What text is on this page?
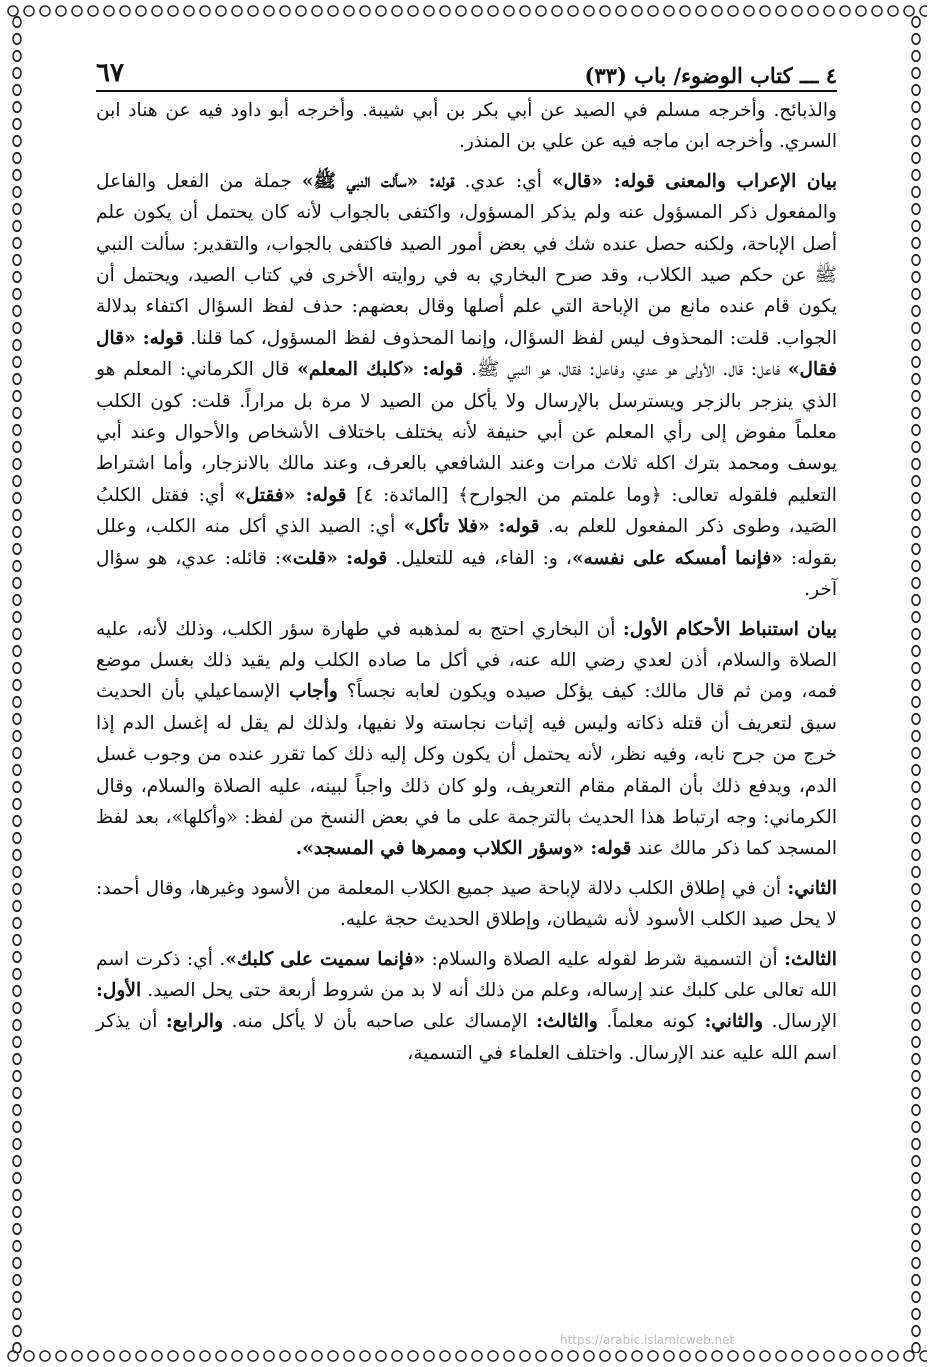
٤ ـــ كتاب الوضوء/ باب (٣٣)
٦٧

والذبائح. وأخرجه مسلم في الصيد عن أبي بكر بن أبي شيبة. وأخرجه أبو داود فيه عن هناد ابن السري. وأخرجه ابن ماجه فيه عن علي بن المنذر.

بيان الإعراب والمعنى قوله: «قال» أي: عدي. قوله: «سألت النبي ﷺ» جملة من الفعل والفاعل والمفعول ذكر المسؤول عنه ولم يذكر المسؤول، واكتفى بالجواب لأنه كان يحتمل أن يكون علم أصل الإباحة، ولكنه حصل عنده شك في بعض أمور الصيد فاكتفى بالجواب، والتقدير: سألت النبي ﷺ عن حكم صيد الكلاب، وقد صرح البخاري به في روايته الأخرى في كتاب الصيد، ويحتمل أن يكون قام عنده مانع من الإباحة التي علم أصلها وقال بعضهم: حذف لفظ السؤال اكتفاء بدلالة الجواب. قلت: المحذوف ليس لفظ السؤال، وإنما المحذوف لفظ المسؤول، كما قلنا. قوله: «قال فقال» فاعل: قال. الأولى هو عدي، وفاعل: فقال، هو النبي ﷺ. قوله: «كلبك المعلم» قال الكرماني: المعلم هو الذي ينزجر بالزجر ويسترسل بالإرسال ولا يأكل من الصيد لا مرة بل مراراً. قلت: كون الكلب معلماً مفوض إلى رأي المعلم عن أبي حنيفة لأنه يختلف باختلاف الأشخاص والأحوال وعند أبي يوسف ومحمد بترك اكله ثلاث مرات وعند الشافعي بالعرف، وعند مالك بالانزجار، وأما اشتراط التعليم فلقوله تعالى: ﴿وما علمتم من الجوارح﴾ [المائدة: ٤] قوله: «فقتل» أي: فقتل الكلبُ الصَيد، وطوى ذكر المفعول للعلم به. قوله: «فلا تأكل» أي: الصيد الذي أكل منه الكلب، وعلل بقوله: «فإنما أمسكه على نفسه»، و: الفاء، فيه للتعليل. قوله: «قلت»: قائله: عدي، هو سؤال آخر.

بيان استنباط الأحكام الأول: أن البخاري احتج به لمذهبه في طهارة سؤر الكلب، وذلك لأنه، عليه الصلاة والسلام، أذن لعدي رضي الله عنه، في أكل ما صاده الكلب ولم يقيد ذلك بغسل موضع فمه، ومن ثم قال مالك: كيف يؤكل صيده ويكون لعابه نجساً؟ وأجاب الإسماعيلي بأن الحديث سيق لتعريف أن قتله ذكاته وليس فيه إثبات نجاسته ولا نفيها، ولذلك لم يقل له إغسل الدم إذا خرج من جرح نابه، وفيه نظر، لأنه يحتمل أن يكون وكل إليه ذلك كما تقرر عنده من وجوب غسل الدم، ويدفع ذلك بأن المقام مقام التعريف، ولو كان ذلك واجباً لبينه، عليه الصلاة والسلام، وقال الكرماني: وجه ارتباط هذا الحديث بالترجمة على ما في بعض النسخ من لفظ: «وأكلها»، بعد لفظ المسجد كما ذكر مالك عند قوله: «وسؤر الكلاب وممرها في المسجد».

الثاني: أن في إطلاق الكلب دلالة لإباحة صيد جميع الكلاب المعلمة من الأسود وغيرها، وقال أحمد: لا يحل صيد الكلب الأسود لأنه شيطان، وإطلاق الحديث حجة عليه.

الثالث: أن التسمية شرط لقوله عليه الصلاة والسلام: «فإنما سميت على كلبك». أي: ذكرت اسم الله تعالى على كلبك عند إرساله، وعلم من ذلك أنه لا بد من شروط أربعة حتى يحل الصيد. الأول: الإرسال. والثاني: كونه معلماً. والثالث: الإمساك على صاحبه بأن لا يأكل منه. والرابع: أن يذكر اسم الله عليه عند الإرسال. واختلف العلماء في التسمية،

https://arabic.islamicweb.net
